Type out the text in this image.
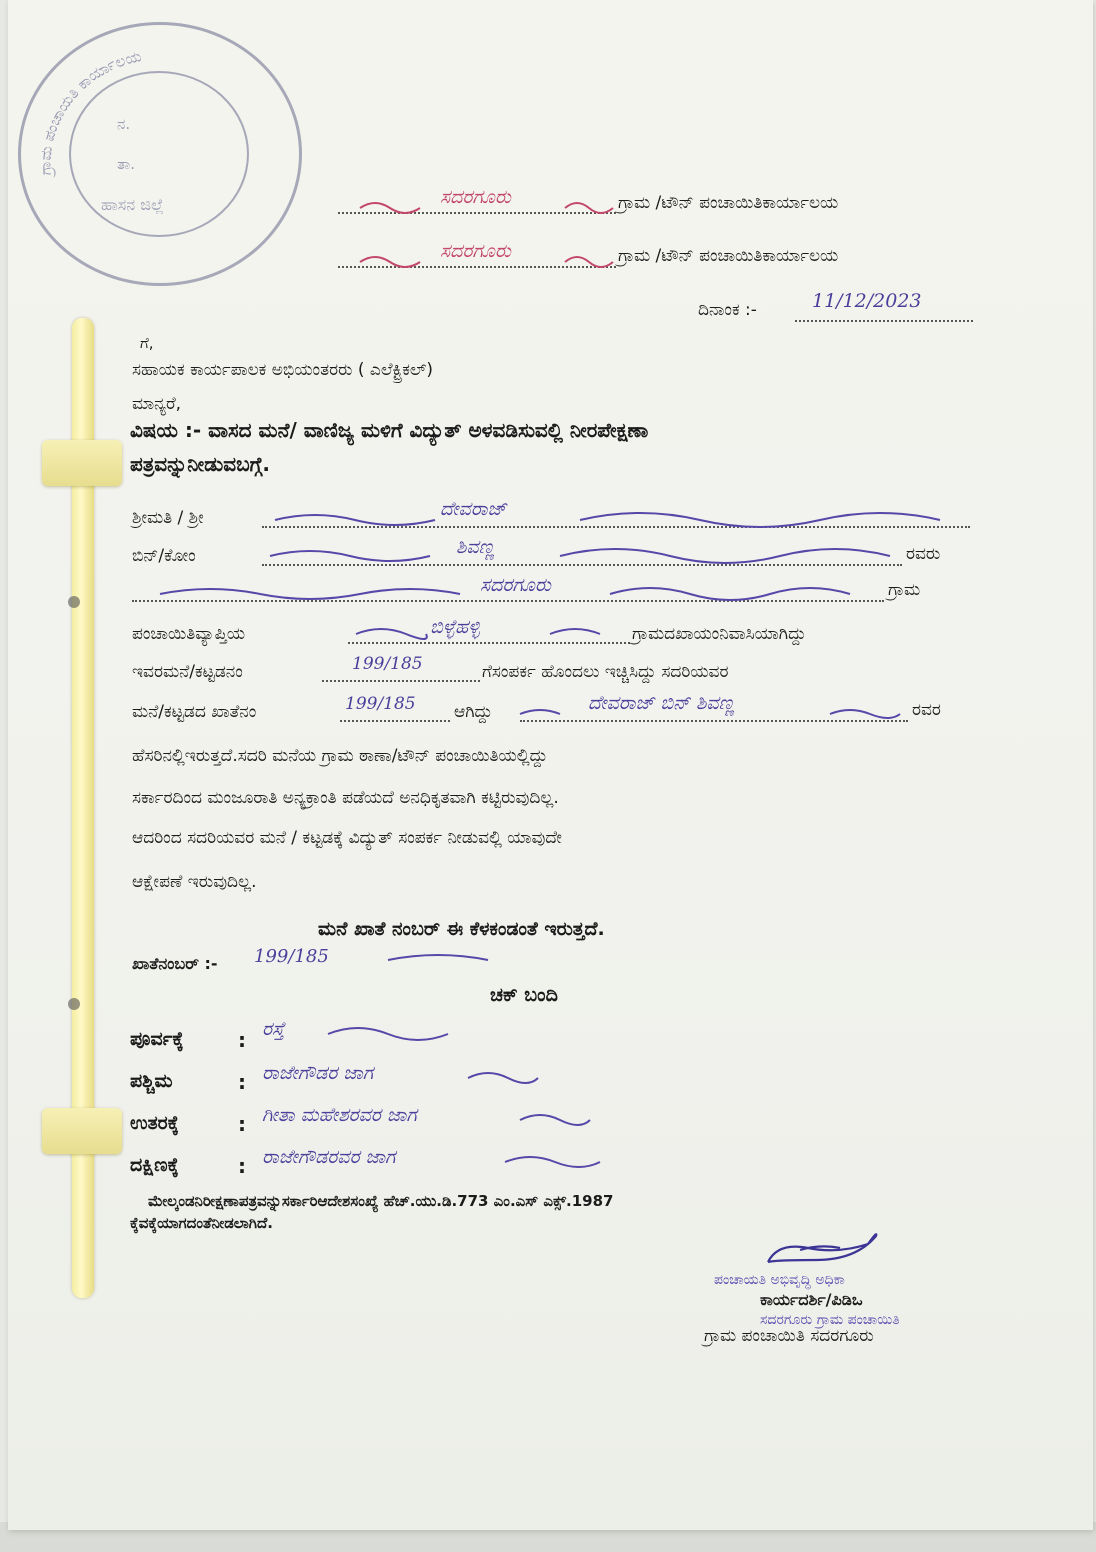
ಗ್ರಾಮ ಪಂಚಾಯತಿ ಕಾರ್ಯಾಲಯ
ನ.
ತಾ.
ಹಾಸನ ಜಿಲ್ಲೆ	ಸದರಗೂರು	ಗ್ರಾಮ /ಟೌನ್ ಪಂಚಾಯಿತಿಕಾರ್ಯಾಲಯ
ಸದರಗೂರು	ಗ್ರಾಮ /ಟೌನ್ ಪಂಚಾಯಿತಿಕಾರ್ಯಾಲಯ
ದಿನಾಂಕ :-	11/12/2023
ಗೆ,
ಸಹಾಯಕ ಕಾರ್ಯಪಾಲಕ ಅಭಿಯಂತರರು ( ಎಲೆಕ್ಟ್ರಿಕಲ್)
ಮಾನ್ಯರೆ,
ವಿಷಯ :- ವಾಸದ ಮನೆ/ ವಾಣಿಜ್ಯ ಮಳಿಗೆ ವಿದ್ಯುತ್ ಅಳವಡಿಸುವಲ್ಲಿ ನೀರಪೇಕ್ಷಣಾ
ಪತ್ರವನ್ನುನೀಡುವಬಗ್ಗೆ.
ಶ್ರೀಮತಿ / ಶ್ರೀ	ದೇವರಾಜ್
ಬಿನ್/ಕೋಂ	ಶಿವಣ್ಣ	ರವರು
ಸದರಗೂರು	ಗ್ರಾಮ
ಪಂಚಾಯಿತಿವ್ಯಾಪ್ತಿಯ	ಬಿಳ್ಳೆಹಳ್ಳಿ	ಗ್ರಾಮದಖಾಯಂನಿವಾಸಿಯಾಗಿದ್ದು
ಇವರಮನೆ/ಕಟ್ಟಡನಂ	199/185	ಗೆಸಂಪರ್ಕ ಹೊಂದಲು ಇಚ್ಚಿಸಿದ್ದು ಸದರಿಯವರ
ಮನೆ/ಕಟ್ಟಡದ ಖಾತೆನಂ	199/185 ಆಗಿದ್ದು	ದೇವರಾಜ್ ಬಿನ್ ಶಿವಣ್ಣ	ರವರ
ಹೆಸರಿನಲ್ಲಿಇರುತ್ತದೆ.ಸದರಿ ಮನೆಯ ಗ್ರಾಮ ಠಾಣಾ/ಟೌನ್ ಪಂಚಾಯಿತಿಯಲ್ಲಿದ್ದು
ಸರ್ಕಾರದಿಂದ ಮಂಜೂರಾತಿ ಅನ್ಯಕ್ರಾಂತಿ ಪಡೆಯದೆ ಅನಧಿಕೃತವಾಗಿ ಕಟ್ಟಿರುವುದಿಲ್ಲ.
ಆದರಿಂದ ಸದರಿಯವರ ಮನೆ / ಕಟ್ಟಡಕ್ಕೆ ವಿದ್ಯುತ್ ಸಂಪರ್ಕ ನೀಡುವಲ್ಲಿ ಯಾವುದೇ
ಆಕ್ಷೇಪಣೆ ಇರುವುದಿಲ್ಲ.
ಮನೆ ಖಾತೆ ನಂಬರ್ ಈ ಕೆಳಕಂಡಂತೆ ಇರುತ್ತದೆ.
ಖಾತೆನಂಬರ್ :- 199/185
ಚಕ್ ಬಂದಿ
ಪೂರ್ವಕ್ಕೆ	: ರಸ್ತೆ
ಪಶ್ಚಿಮ	: ರಾಜೇಗೌಡರ ಜಾಗ
ಉತರಕ್ಕೆ	: ಗೀತಾ ಮಹೇಶರವರ ಜಾಗ
ದಕ್ಷಿಣಕ್ಕೆ	: ರಾಜೇಗೌಡರವರ ಜಾಗ
ಮೇಲ್ಕಂಡನಿರೀಕ್ಷಣಾಪತ್ರವನ್ನುಸರ್ಕಾರಿಆದೇಶಸಂಖ್ಯೆ ಹೆಚ್.ಯು.ಡಿ.773 ಎಂ.ಎಸ್ ಎಕ್ಸ್.1987
ಕ್ಕೆವಕ್ಕೆಯಾಗದಂತೆನೀಡಲಾಗಿದೆ.
ಪಂಚಾಯತಿ ಅಭಿವೃದ್ಧಿ ಅಧಿಕಾ
ಕಾರ್ಯದರ್ಶಿ/ಪಿಡಿಒ
ಸದರಗೂರು ಗ್ರಾಮ ಪಂಚಾಯಿತಿ
ಗ್ರಾಮ ಪಂಚಾಯಿತಿ ಸದರಗೂರು
